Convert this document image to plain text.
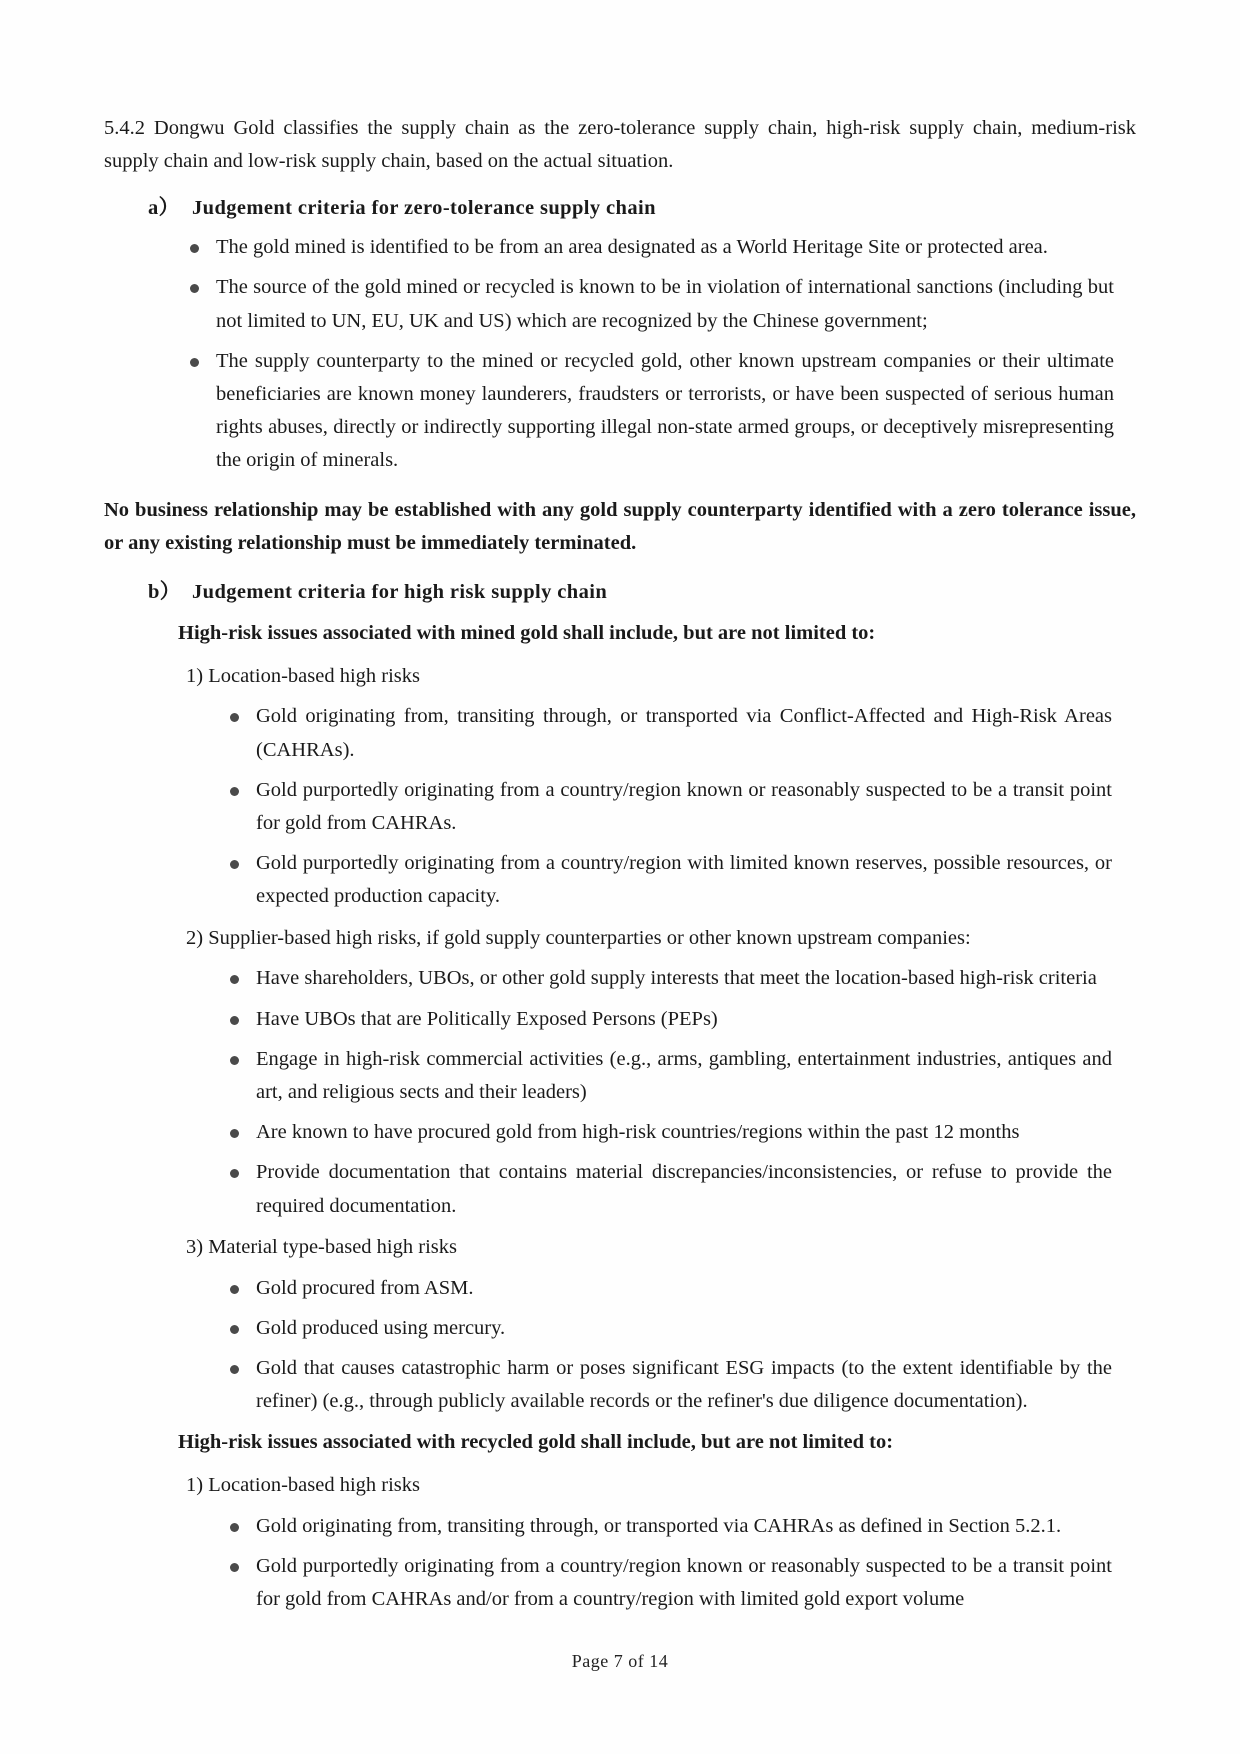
5.4.2 Dongwu Gold classifies the supply chain as the zero-tolerance supply chain, high-risk supply chain, medium-risk supply chain and low-risk supply chain, based on the actual situation.

a） Judgement criteria for zero-tolerance supply chain
The gold mined is identified to be from an area designated as a World Heritage Site or protected area.
The source of the gold mined or recycled is known to be in violation of international sanctions (including but not limited to UN, EU, UK and US) which are recognized by the Chinese government;
The supply counterparty to the mined or recycled gold, other known upstream companies or their ultimate beneficiaries are known money launderers, fraudsters or terrorists, or have been suspected of serious human rights abuses, directly or indirectly supporting illegal non-state armed groups, or deceptively misrepresenting the origin of minerals.

No business relationship may be established with any gold supply counterparty identified with a zero tolerance issue, or any existing relationship must be immediately terminated.

b） Judgement criteria for high risk supply chain

High-risk issues associated with mined gold shall include, but are not limited to:

1) Location-based high risks

Gold originating from, transiting through, or transported via Conflict-Affected and High-Risk Areas (CAHRAs).
Gold purportedly originating from a country/region known or reasonably suspected to be a transit point for gold from CAHRAs.
Gold purportedly originating from a country/region with limited known reserves, possible resources, or expected production capacity.

2) Supplier-based high risks, if gold supply counterparties or other known upstream companies:

Have shareholders, UBOs, or other gold supply interests that meet the location-based high-risk criteria
Have UBOs that are Politically Exposed Persons (PEPs)
Engage in high-risk commercial activities (e.g., arms, gambling, entertainment industries, antiques and art, and religious sects and their leaders)
Are known to have procured gold from high-risk countries/regions within the past 12 months
Provide documentation that contains material discrepancies/inconsistencies, or refuse to provide the required documentation.

3) Material type-based high risks

Gold procured from ASM.
Gold produced using mercury.
Gold that causes catastrophic harm or poses significant ESG impacts (to the extent identifiable by the refiner) (e.g., through publicly available records or the refiner's due diligence documentation).

High-risk issues associated with recycled gold shall include, but are not limited to:

1) Location-based high risks

Gold originating from, transiting through, or transported via CAHRAs as defined in Section 5.2.1.
Gold purportedly originating from a country/region known or reasonably suspected to be a transit point for gold from CAHRAs and/or from a country/region with limited gold export volume
Page 7 of 14
